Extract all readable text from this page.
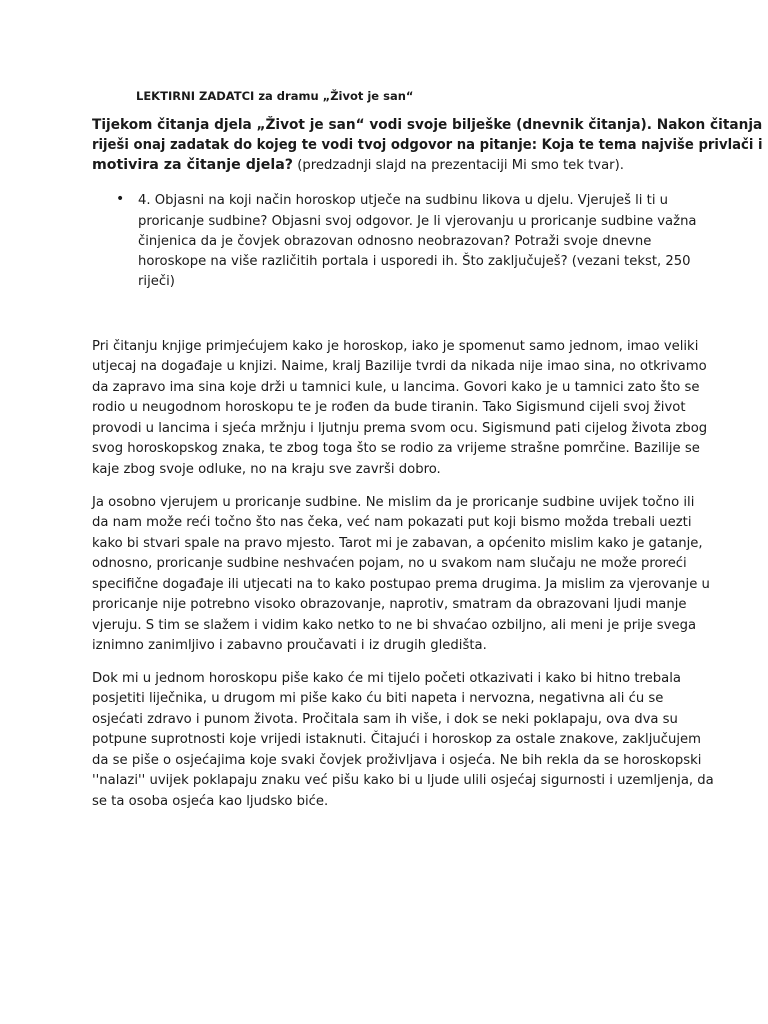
LEKTIRNI ZADATCI za dramu „Život je san“
Tijekom čitanja djela „Život je san“ vodi svoje bilješke (dnevnik čitanja). Nakon čitanja
riješi onaj zadatak do kojeg te vodi tvoj odgovor na pitanje: Koja te tema najviše privlači i
motivira za čitanje djela? (predzadnji slajd na prezentaciji Mi smo tek tvar).
• 4. Objasni na koji način horoskop utječe na sudbinu likova u djelu. Vjeruješ li ti u
proricanje sudbine? Objasni svoj odgovor. Je li vjerovanju u proricanje sudbine važna
činjenica da je čovjek obrazovan odnosno neobrazovan? Potraži svoje dnevne
horoskope na više različitih portala i usporedi ih. Što zaključuješ? (vezani tekst, 250
riječi)
Pri čitanju knjige primjećujem kako je horoskop, iako je spomenut samo jednom, imao veliki
utjecaj na događaje u knjizi. Naime, kralj Bazilije tvrdi da nikada nije imao sina, no otkrivamo
da zapravo ima sina koje drži u tamnici kule, u lancima. Govori kako je u tamnici zato što se
rodio u neugodnom horoskopu te je rođen da bude tiranin. Tako Sigismund cijeli svoj život
provodi u lancima i sjeća mržnju i ljutnju prema svom ocu. Sigismund pati cijelog života zbog
svog horoskopskog znaka, te zbog toga što se rodio za vrijeme strašne pomrčine. Bazilije se
kaje zbog svoje odluke, no na kraju sve završi dobro.
Ja osobno vjerujem u proricanje sudbine. Ne mislim da je proricanje sudbine uvijek točno ili
da nam može reći točno što nas čeka, već nam pokazati put koji bismo možda trebali uezti
kako bi stvari spale na pravo mjesto. Tarot mi je zabavan, a općenito mislim kako je gatanje,
odnosno, proricanje sudbine neshvaćen pojam, no u svakom nam slučaju ne može proreći
specifične događaje ili utjecati na to kako postupao prema drugima. Ja mislim za vjerovanje u
proricanje nije potrebno visoko obrazovanje, naprotiv, smatram da obrazovani ljudi manje
vjeruju. S tim se slažem i vidim kako netko to ne bi shvaćao ozbiljno, ali meni je prije svega
iznimno zanimljivo i zabavno proučavati i iz drugih gledišta.
Dok mi u jednom horoskopu piše kako će mi tijelo početi otkazivati i kako bi hitno trebala
posjetiti liječnika, u drugom mi piše kako ću biti napeta i nervozna, negativna ali ću se
osjećati zdravo i punom života. Pročitala sam ih više, i dok se neki poklapaju, ova dva su
potpune suprotnosti koje vrijedi istaknuti. Čitajući i horoskop za ostale znakove, zaključujem
da se piše o osjećajima koje svaki čovjek proživljava i osjeća. Ne bih rekla da se horoskopski
''nalazi'' uvijek poklapaju znaku već pišu kako bi u ljude ulili osjećaj sigurnosti i uzemljenja, da
se ta osoba osjeća kao ljudsko biće.
